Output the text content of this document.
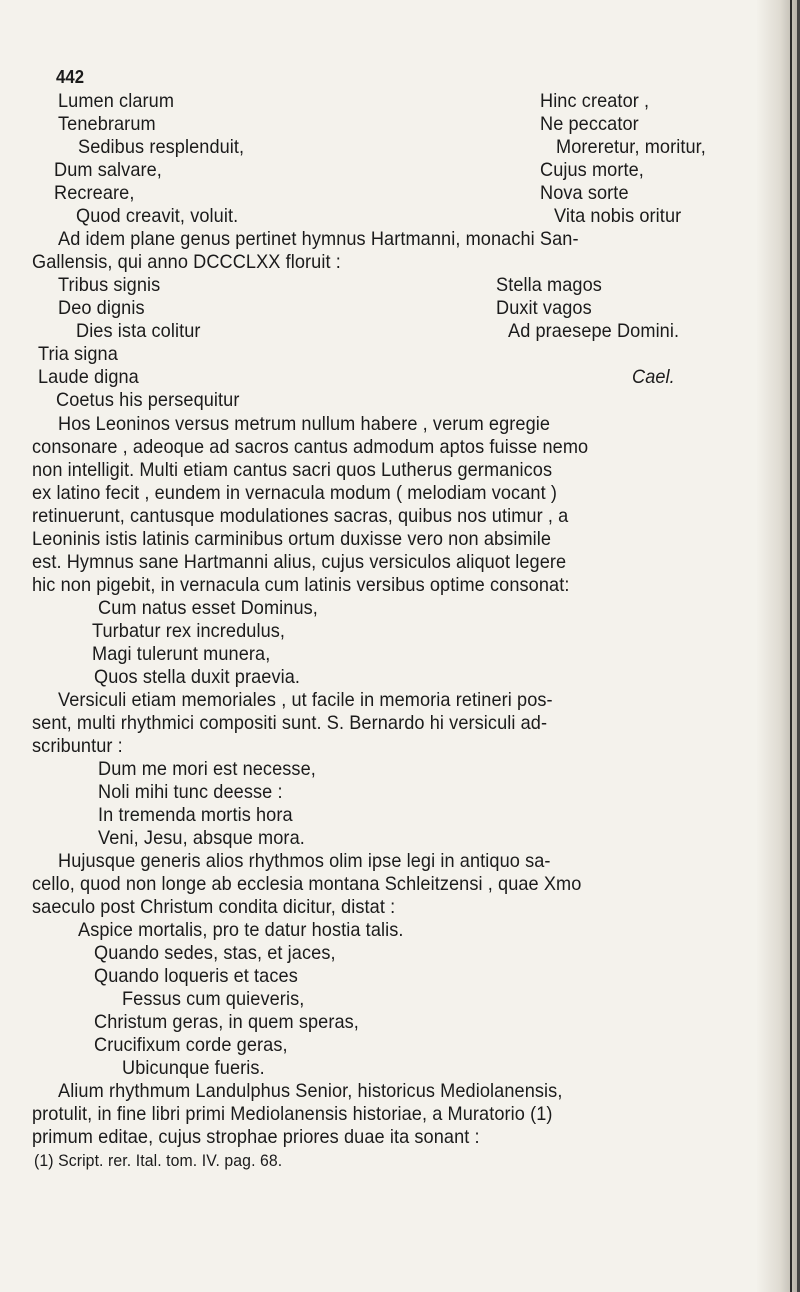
442
Lumen clarum	Hinc creator ,
Tenebrarum	Ne peccator
Sedibus resplenduit,	Moreretur, moritur,
Dum salvare,	Cujus morte,
Recreare,	Nova sorte
Quod creavit, voluit.	Vita nobis oritur
Ad idem plane genus pertinet hymnus Hartmanni, monachi San-
Gallensis, qui anno DCCCLXX floruit :
Tribus signis	Stella magos
Deo dignis	Duxit vagos
Dies ista colitur	Ad praesepe Domini.
Tria signa
Laude digna	Cael.
Coetus his persequitur
Hos Leoninos versus metrum nullum habere , verum egregie
consonare , adeoque ad sacros cantus admodum aptos fuisse nemo
non intelligit. Multi etiam cantus sacri quos Lutherus germanicos
ex latino fecit , eundem in vernacula modum ( melodiam vocant )
retinuerunt, cantusque modulationes sacras, quibus nos utimur , a
Leoninis istis latinis carminibus ortum duxisse vero non absimile
est. Hymnus sane Hartmanni alius, cujus versiculos aliquot legere
hic non pigebit, in vernacula cum latinis versibus optime consonat:
Cum natus esset Dominus,
Turbatur rex incredulus,
Magi tulerunt munera,
Quos stella duxit praevia.
Versiculi etiam memoriales , ut facile in memoria retineri pos-
sent, multi rhythmici compositi sunt. S. Bernardo hi versiculi ad-
scribuntur :
Dum me mori est necesse,
Noli mihi tunc deesse :
In tremenda mortis hora
Veni, Jesu, absque mora.
Hujusque generis alios rhythmos olim ipse legi in antiquo sa-
cello, quod non longe ab ecclesia montana Schleitzensi , quae Xmo
saeculo post Christum condita dicitur, distat :
Aspice mortalis, pro te datur hostia talis.
Quando sedes, stas, et jaces,
Quando loqueris et taces
Fessus cum quieveris,
Christum geras, in quem speras,
Crucifixum corde geras,
Ubicunque fueris.
Alium rhythmum Landulphus Senior, historicus Mediolanensis,
protulit, in fine libri primi Mediolanensis historiae, a Muratorio (1)
primum editae, cujus strophae priores duae ita sonant :
(1) Script. rer. Ital. tom. IV. pag. 68.
